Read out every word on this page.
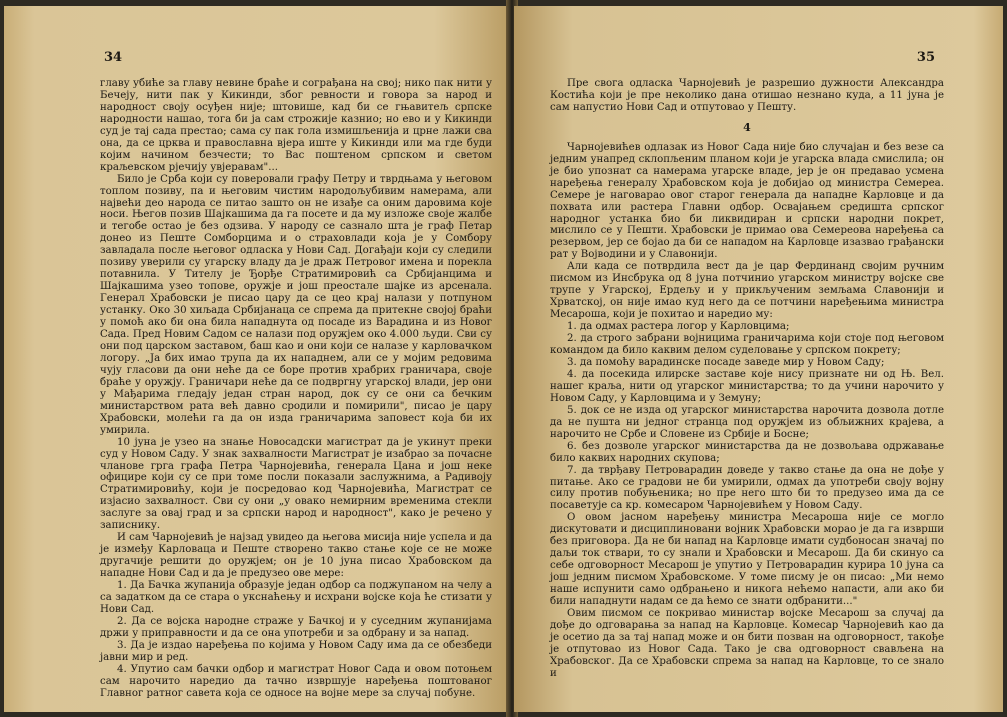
34

главу убиће за главу невине браће и сограђана на свој; нико пак нити у Бечеју, нити пак у Кикинди, због ревности и говора за народ и народност својy осуђен није; штовише, кад би се гњавитељ српске народности нашао, тога би ја сам строжије казнио; но ево и у Кикинди суд је тај сада престао; сама су пак гола измишљенија и црне лажи сва она, да се црква и православна вјера иште у Кикинди или ма где буди којим начином безчести; то Вас поштеном српском и светом краљевском рјечију увјеравам"...

Било је Срба који су поверовали графу Петру и тврдњама у његовом топлом позиву, па и његовим чистим народољубивим намерама, али највећи део народа се питао зашто он не изађе са оним даровима које носи. Његов позив Шајкашима да га посете и да му изложе своје жалбе и тегобе остао је без одзива. У народу се сазнало шта је граф Петар донео из Пеште Сомборцима и о страховлади која је у Сомбору завладала после његовог одласка у Нови Сад. Догађаји који су следили позиву уверили су угарску владу да је драж Петровог имена и порекла потавнила. У Тителу је Ђорђе Стратимировић са Србијанцима и Шајкашима узео топове, оружје и још преостале шајке из арсенала. Генерал Храбовски је писао цару да се цео крај налази у потпуном устанку. Око 30 хиљада Србијанаца се спрема да притекне својој браћи у помоћ ако би она била нападнута од посаде из Варадина и из Новог Сада. Пред Новим Садом се налази под оружјем око 4.000 људи. Сви су они под царском заставом, баш као и они који се налазе у карловачком логору. „Ја бих имао трупа да их нападнем, али се у мојим редовима чују гласови да они неће да се боре против храбрих граничара, своје браће у оружју. Граничари неће да се подвргну угарској влади, јер они у Мађарима гледају један стран народ, док су се они са бечким министарством рата већ давно сродили и помирили", писао је цару Храбовски, молећи га да он изда граничарима заповест која би их умирила.

10 јуна је узео на знање Новосадски магистрат да је укинут преки суд у Новом Саду. У знак захвалности Магистрат је изабрао за почасне чланове грга графа Петра Чарнојевића, генерала Цана и још неке официре који су се при томе посли показали заслужнима, а Радивоју Стратимировићу, који је посредовао код Чарнојевића, Магистрат се изјасио захвалност. Сви су они „у овако немирним временима стекли заслуге за овај град и за српски народ и народност", како је речено у записнику.

И сам Чарнојевић је најзад увидео да његова мисија није успела и да је између Карловаца и Пеште створено такво стање које се не може другачије решити до оружјем; он је 10 јуна писао Храбовском да нападне Нови Сад и да је предузео ове мере:

1. Да Бачка жупанија образује један одбор са поджупаном на челу а са задатком да се стара о укснаћењу и исхрани војске која ће стизати у Нови Сад.

2. Да се војска народне страже у Бачкој и у суседним жупанијама држи у приправности и да се она употреби и за одбрану и за напад.

3. Да је издао наређења по којима у Новом Саду има да се обезбеди јавни мир и ред.

4. Упутио сам бачки одбор и магистрат Новог Сада и овом потоњем сам нарочито наредио да тачно извршује наређења поштованог Главног ратног савета која се односе на војне мере за случај побуне.

35

Пре свога одласка Чарнојевић је разрешио дужности Александра Костића који је пре неколико дана отишао незнано куда, а 11 јуна је сам напустио Нови Сад и отпутовао у Пешту.

4

Чарнојевићев одлазак из Новог Сада није био случајан и без везе са једним унапред склопљеним планом који је угарска влада смислила; он је био упознат са намерама угарске владе, јер је он предавао усмена наређења генералу Храбовском која је добијао од министра Семереа. Семере је наговарао овог старог генерала да нападне Карловце и да похвата или растера Главни одбор. Освајањем средишта српског народног устанка био би ликвидиран и српски народни покрет, мислило се у Пешти. Храбовски је примао ова Семереова наређења са резервом, јер се бојао да би се нападом на Карловце изазвао грађански рат у Војводини и у Славонији.

Али када се потврдила вест да је цар Фердинанд својим ручним писмом из Инсбрука од 8 јуна потчинио угарском министру војске све трупе у Угарској, Ердељу и у прикљученим земљама Славонији и Хрватској, он није имао куд него да се потчини наређењима министра Месароша, који је похитао и наредио му:

1. да одмах растера логор у Карловцима;

2. да строго забрани војницима граничарима који стоје под његовом командом да било каквим делом суделовање у српском покрету;

3. да помоћу варадинске посаде заведе мир у Новом Саду;

4. да посекида илирске заставе које нису признате ни од Њ. Вел. нашег краља, нити од угарског министарства; то да учини нарочито у Новом Саду, у Карловцима и у Земуну;

5. док се не изда од угарског министарства нарочита дозвола дотле да не пушта ни једног странца под оружјем из обљижних крајева, а нарочито не Србе и Словене из Србије и Босне;

6. без дозволе угарског министарства да не дозвољава одржавање било каквих народних скупова;

7. да тврђаву Петроварадин доведе у такво стање да она не дође у питање. Ако се градови не би умирили, одмах да употреби своју војну силу против побуњеника; но пре него што би то предузео има да се посаветује са кр. комесаром Чарнојевићем у Новом Саду.

О овом јасном наређењу министра Месароша није се могло дискутовати и дисциплиновани војник Храбовски морао је да га изврши без приговора. Да не би напад на Карловце имати судбоносан значај по даљи ток ствари, то су знали и Храбовски и Месарош. Да би скинуо са себе одговорност Месарош је упутио у Петроварадин курира 10 јуна са још једним писмом Храбовскоме. У томе писму је он писао: „Ми немо наше испунити само одбрањено и никога нећемо напасти, али ако би били нападнути надам се да ћемо се знати одбранити..."

Овим писмом се покривао министар војске Месарош за случај да дође до одговарања за напад на Карловце. Комесар Чарнојевић као да је осетио да за тај напад може и он бити позван на одговорност, такође је отпутовао из Новог Сада. Тако је сва одговорност свављена на Храбовског. Да се Храбовски спрема за напад на Карловце, то се знало и
